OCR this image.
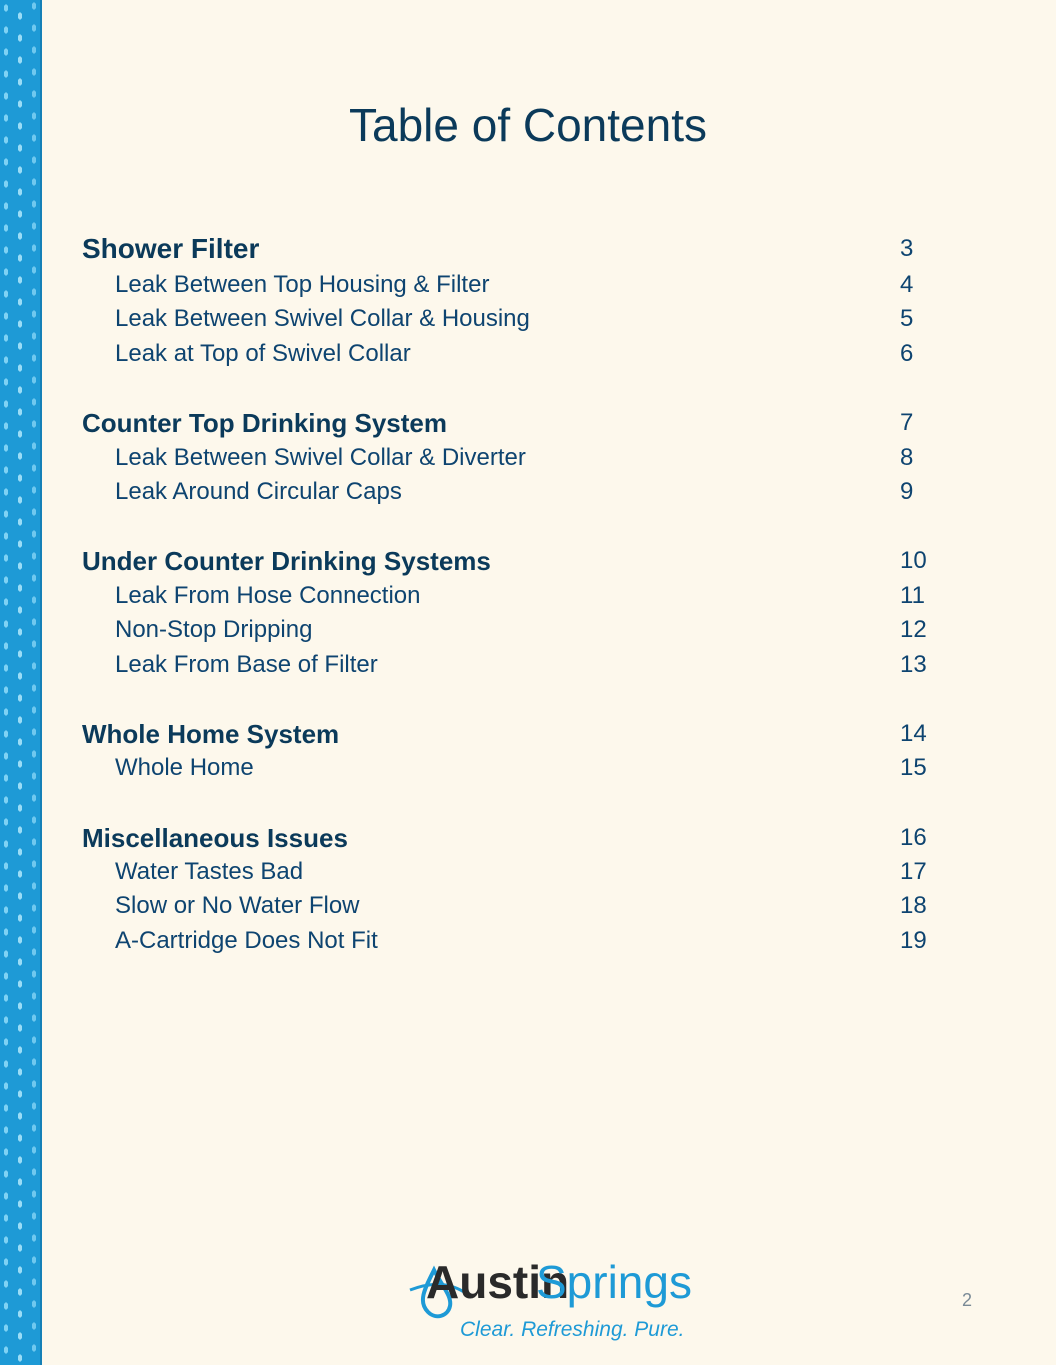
Table of Contents
Shower Filter	3
Leak Between Top Housing & Filter	4
Leak Between Swivel Collar & Housing	5
Leak at Top of Swivel Collar	6
Counter Top Drinking System	7
Leak Between Swivel Collar & Diverter	8
Leak Around Circular Caps	9
Under Counter Drinking Systems	10
Leak From Hose Connection	11
Non-Stop Dripping	12
Leak From Base of Filter	13
Whole Home System	14
Whole Home	15
Miscellaneous Issues	16
Water Tastes Bad	17
Slow or No Water Flow	18
A-Cartridge Does Not Fit	19
Austin
Springs
Clear. Refreshing. Pure.
2
